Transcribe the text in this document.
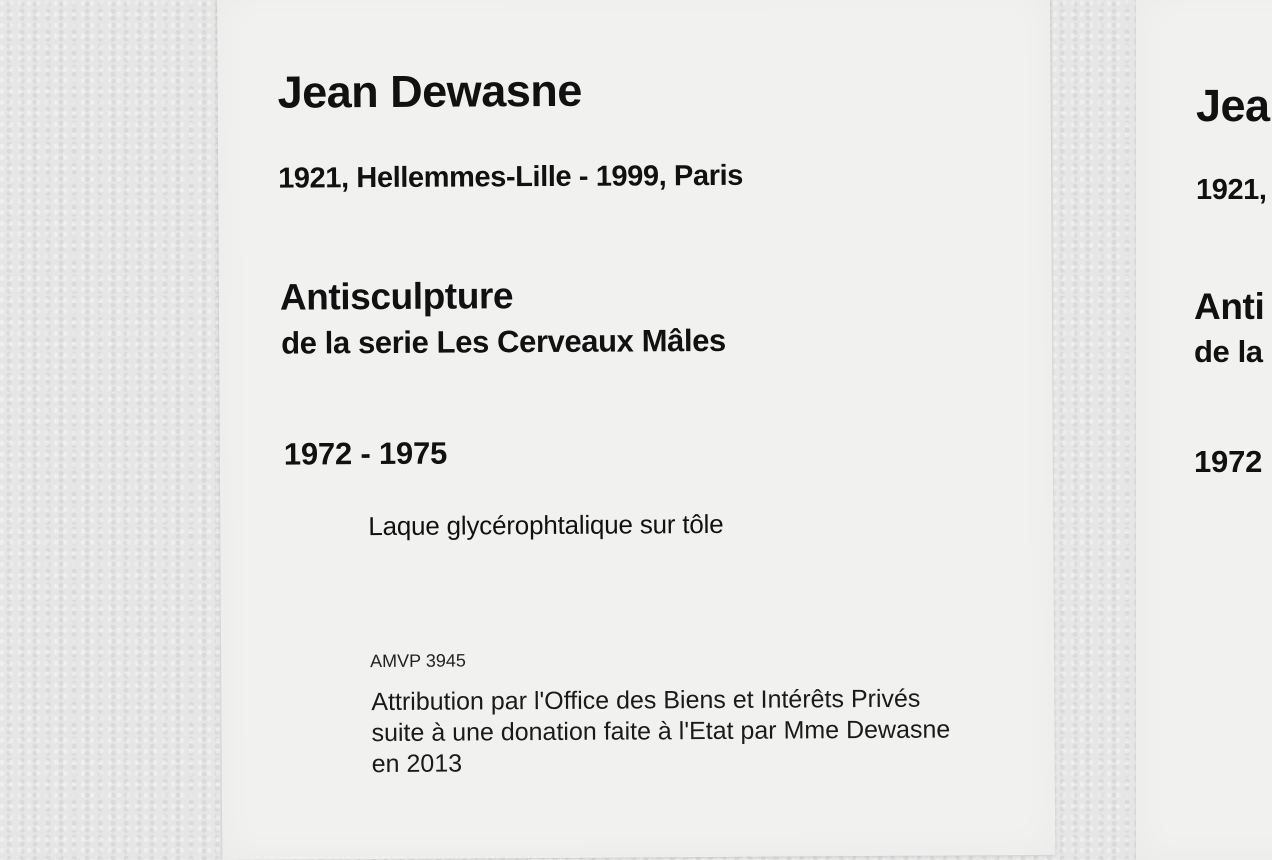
Jean Dewasne

1921, Hellemmes-Lille - 1999, Paris

Antisculpture

de la serie Les Cerveaux Mâles

1972 - 1975

Laque glycérophtalique sur tôle

AMVP 3945

Attribution par l'Office des Biens et Intérêts Privés
suite à une donation faite à l'Etat par Mme Dewasne
en 2013

Jea

1921,

Anti

de la

1972
